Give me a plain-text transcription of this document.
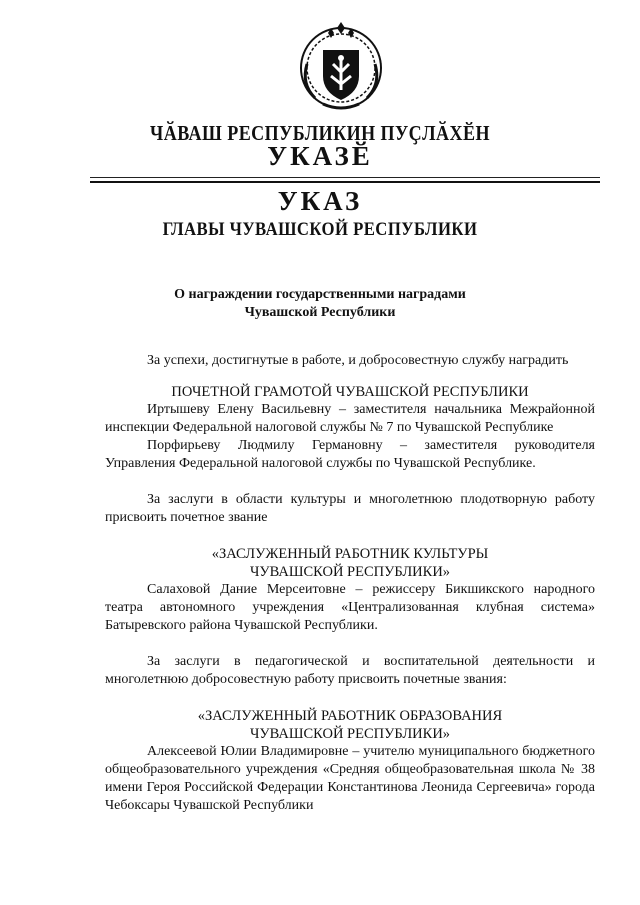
ЧӐВАШ РЕСПУБЛИКИН ПУҪЛӐХӖН
УКАЗӖ
УКАЗ
ГЛАВЫ ЧУВАШСКОЙ РЕСПУБЛИКИ
О награждении государственными наградами
Чувашской Республики

За успехи, достигнутые в работе, и добросовестную службу наградить

ПОЧЕТНОЙ ГРАМОТОЙ ЧУВАШСКОЙ РЕСПУБЛИКИ

Иртышеву Елену Васильевну – заместителя начальника Межрайонной инспекции Федеральной налоговой службы № 7 по Чувашской Республике

Порфирьеву Людмилу Германовну – заместителя руководителя Управления Федеральной налоговой службы по Чувашской Республике.

За заслуги в области культуры и многолетнюю плодотворную работу присвоить почетное звание

«ЗАСЛУЖЕННЫЙ РАБОТНИК КУЛЬТУРЫ

ЧУВАШСКОЙ РЕСПУБЛИКИ»

Салаховой Дание Мерсеитовне – режиссеру Бикшикского народного театра автономного учреждения «Централизованная клубная система» Батыревского района Чувашской Республики.

За заслуги в педагогической и воспитательной деятельности и многолетнюю добросовестную работу присвоить почетные звания:

«ЗАСЛУЖЕННЫЙ РАБОТНИК ОБРАЗОВАНИЯ

ЧУВАШСКОЙ РЕСПУБЛИКИ»

Алексеевой Юлии Владимировне – учителю муниципального бюджетного общеобразовательного учреждения «Средняя общеобразовательная школа № 38 имени Героя Российской Федерации Константинова Леонида Сергеевича» города Чебоксары Чувашской Республики
